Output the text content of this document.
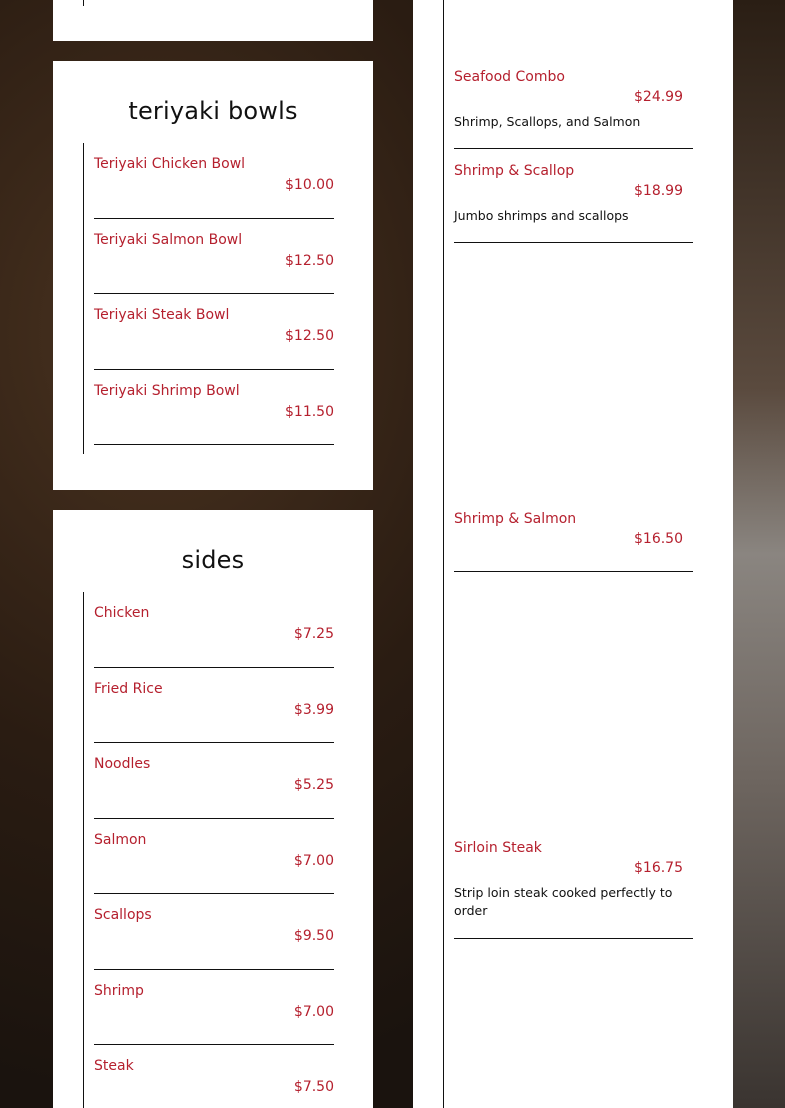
teriyaki bowls
Teriyaki Chicken Bowl
$10.00
Teriyaki Salmon Bowl
$12.50
Teriyaki Steak Bowl
$12.50
Teriyaki Shrimp Bowl
$11.50
sides
Chicken
$7.25
Fried Rice
$3.99
Noodles
$5.25
Salmon
$7.00
Scallops
$9.50
Shrimp
$7.00
Steak
$7.50
Seafood Combo
$24.99
Shrimp, Scallops, and Salmon
Shrimp & Scallop
$18.99
Jumbo shrimps and scallops
Shrimp & Salmon
$16.50
Sirloin Steak
$16.75
Strip loin steak cooked perfectly to order
